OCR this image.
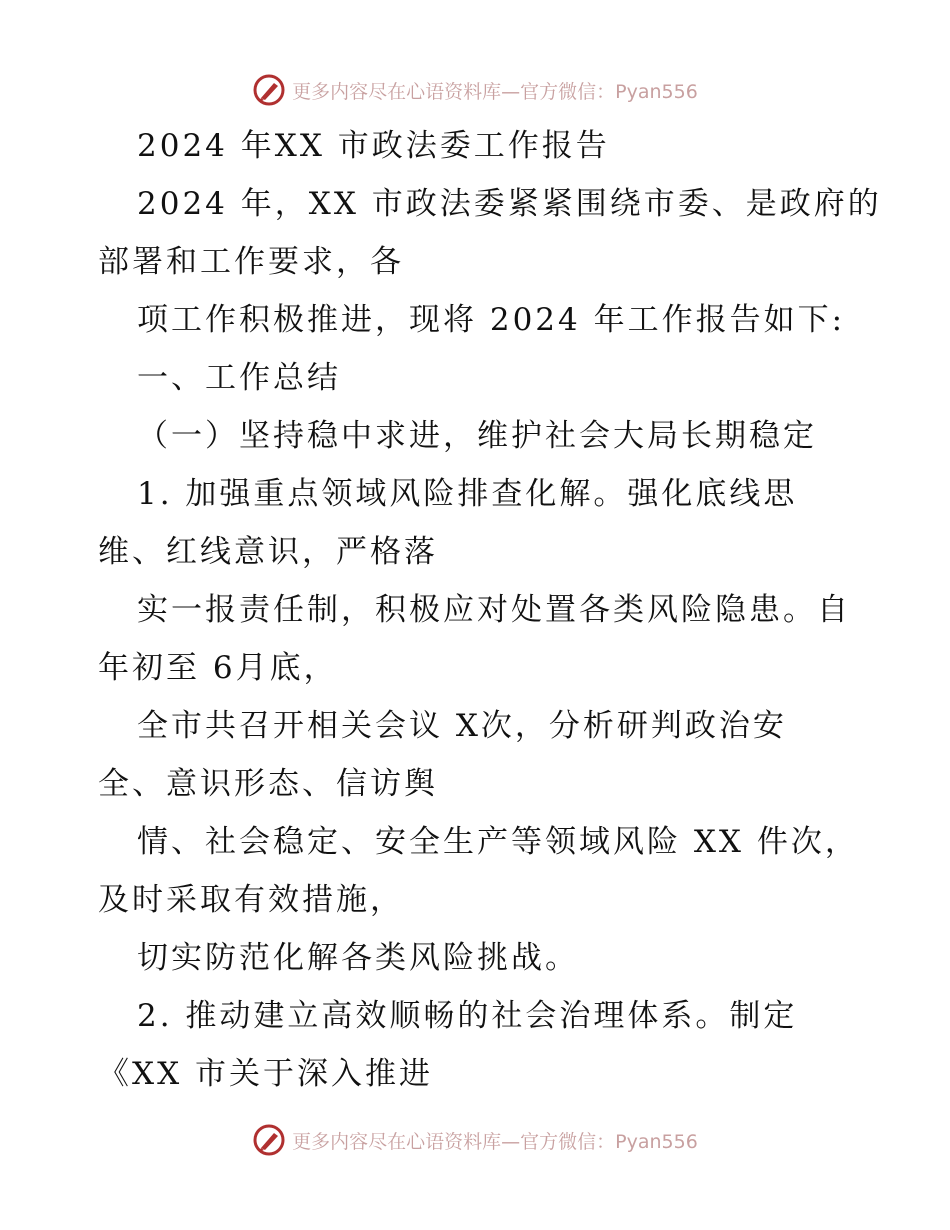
更多内容尽在心语资料库—官方微信：Pyan556
2024 年XX 市政法委工作报告
2024 年，XX 市政法委紧紧围绕市委、是政府的
部署和工作要求，各
项工作积极推进，现将 2024 年工作报告如下:
一、工作总结
（一）坚持稳中求进，维护社会大局长期稳定
1. 加强重点领域风险排查化解。强化底线思
维、红线意识，严格落
实一报责任制，积极应对处置各类风险隐患。自
年初至 6月底，
全市共召开相关会议 X次，分析研判政治安
全、意识形态、信访舆
情、社会稳定、安全生产等领域风险 XX 件次，
及时采取有效措施，
切实防范化解各类风险挑战。
2. 推动建立高效顺畅的社会治理体系。制定
《XX 市关于深入推进
更多内容尽在心语资料库—官方微信：Pyan556
